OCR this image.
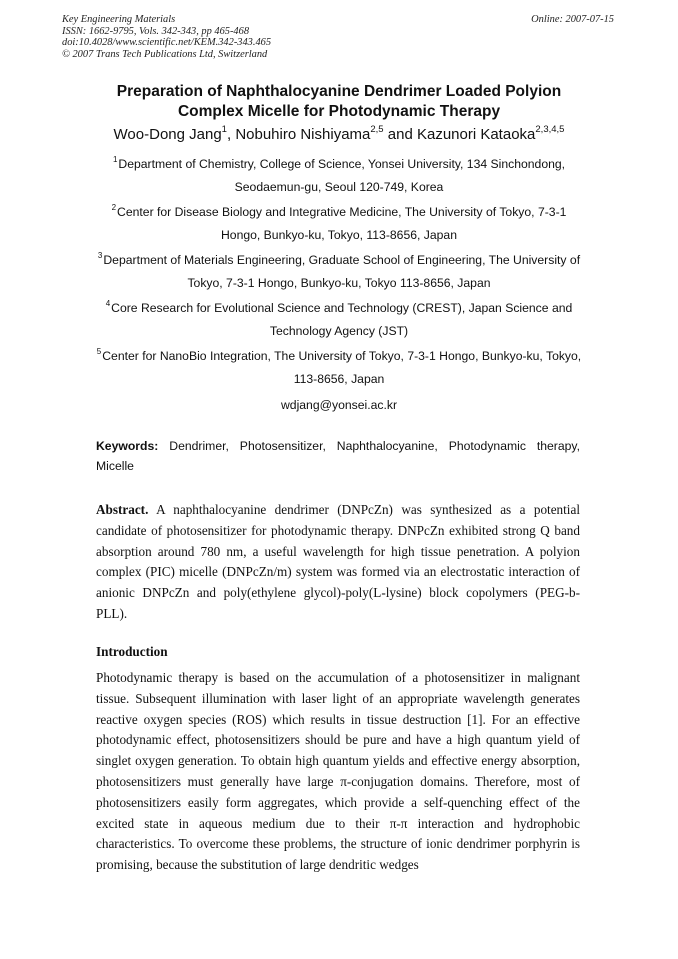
Key Engineering Materials
ISSN: 1662-9795, Vols. 342-343, pp 465-468
doi:10.4028/www.scientific.net/KEM.342-343.465
© 2007 Trans Tech Publications Ltd, Switzerland
Online: 2007-07-15
Preparation of Naphthalocyanine Dendrimer Loaded Polyion
Complex Micelle for Photodynamic Therapy
Woo-Dong Jang$^1$, Nobuhiro Nishiyama$^{2,5}$ and Kazunori Kataoka$^{2,3,4,5}$
$^1$Department of Chemistry, College of Science, Yonsei University, 134 Sinchondong, Seodaemun-gu, Seoul 120-749, Korea
$^2$Center for Disease Biology and Integrative Medicine, The University of Tokyo, 7-3-1 Hongo, Bunkyo-ku, Tokyo, 113-8656, Japan
$^3$Department of Materials Engineering, Graduate School of Engineering, The University of Tokyo, 7-3-1 Hongo, Bunkyo-ku, Tokyo 113-8656, Japan
$^4$Core Research for Evolutional Science and Technology (CREST), Japan Science and Technology Agency (JST)
$^5$Center for NanoBio Integration, The University of Tokyo, 7-3-1 Hongo, Bunkyo-ku, Tokyo, 113-8656, Japan
wdjang@yonsei.ac.kr
Keywords: Dendrimer, Photosensitizer, Naphthalocyanine, Photodynamic therapy, Micelle
Abstract. A naphthalocyanine dendrimer (DNPcZn) was synthesized as a potential candidate of photosensitizer for photodynamic therapy. DNPcZn exhibited strong Q band absorption around 780 nm, a useful wavelength for high tissue penetration. A polyion complex (PIC) micelle (DNPcZn/m) system was formed via an electrostatic interaction of anionic DNPcZn and poly(ethylene glycol)-poly(L-lysine) block copolymers (PEG-b-PLL).
Introduction
Photodynamic therapy is based on the accumulation of a photosensitizer in malignant tissue. Subsequent illumination with laser light of an appropriate wavelength generates reactive oxygen species (ROS) which results in tissue destruction [1]. For an effective photodynamic effect, photosensitizers should be pure and have a high quantum yield of singlet oxygen generation. To obtain high quantum yields and effective energy absorption, photosensitizers must generally have large π-conjugation domains. Therefore, most of photosensitizers easily form aggregates, which provide a self-quenching effect of the excited state in aqueous medium due to their π-π interaction and hydrophobic characteristics. To overcome these problems, the structure of ionic dendrimer porphyrin is promising, because the substitution of large dendritic wedges
